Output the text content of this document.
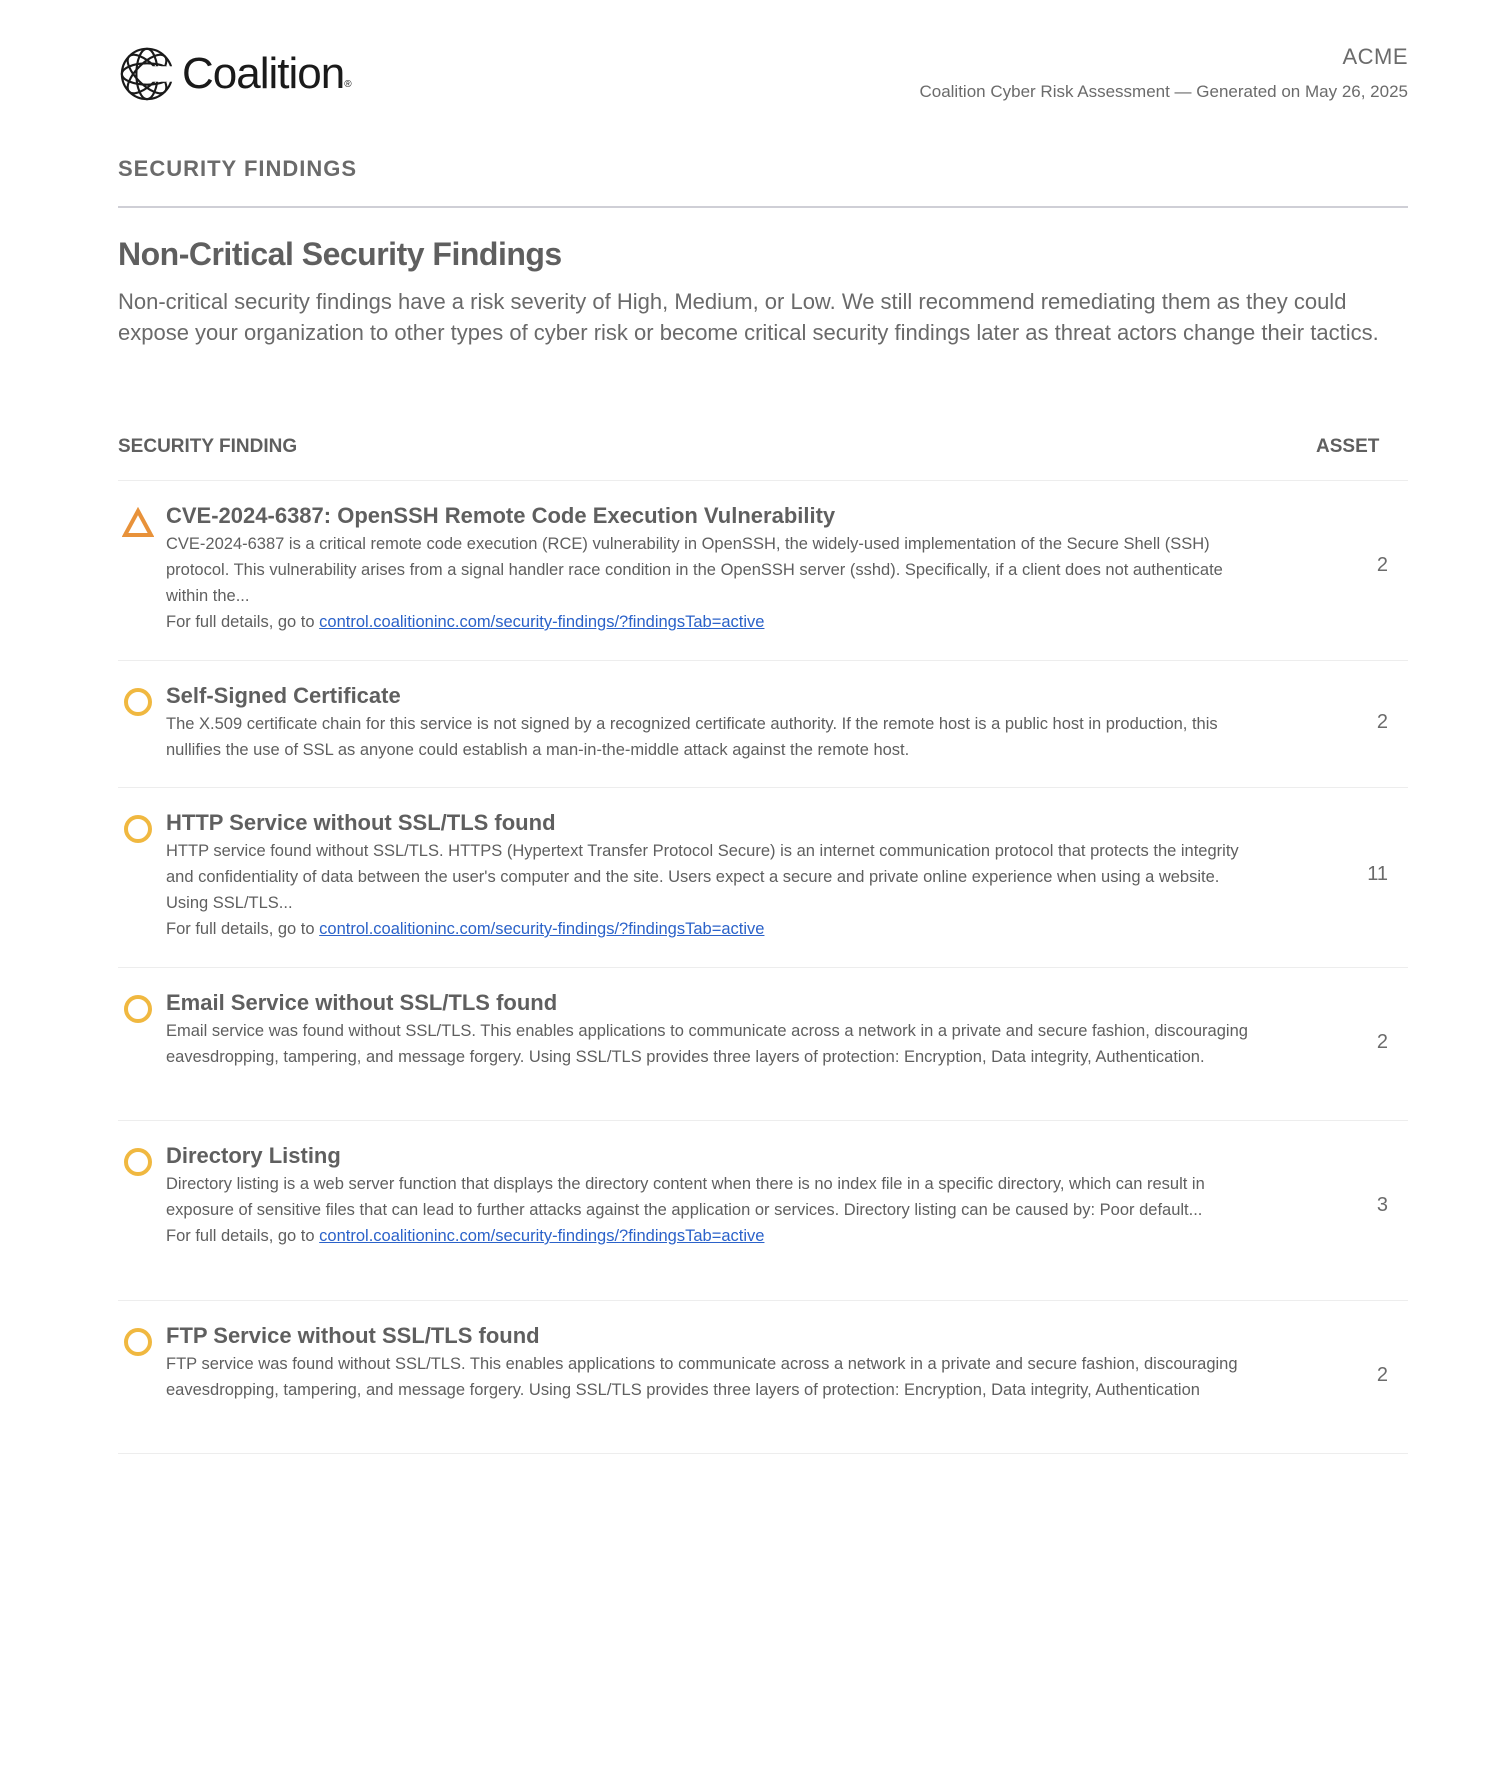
Coalition ®
ACME
Coalition Cyber Risk Assessment — Generated on May 26, 2025
SECURITY FINDINGS
Non-Critical Security Findings

Non-critical security findings have a risk severity of High, Medium, or Low. We still recommend remediating them as they could expose your organization to other types of cyber risk or become critical security findings later as threat actors change their tactics.

SECURITY FINDING	ASSET
CVE-2024-6387: OpenSSH Remote Code Execution Vulnerability
CVE-2024-6387 is a critical remote code execution (RCE) vulnerability in OpenSSH, the widely-used implementation of the Secure Shell (SSH) protocol. This vulnerability arises from a signal handler race condition in the OpenSSH server (sshd). Specifically, if a client does not authenticate within the...
For full details, go to control.coalitioninc.com/security-findings/?findingsTab=active
2
Self-Signed Certificate
The X.509 certificate chain for this service is not signed by a recognized certificate authority. If the remote host is a public host in production, this nullifies the use of SSL as anyone could establish a man-in-the-middle attack against the remote host.
2
HTTP Service without SSL/TLS found
HTTP service found without SSL/TLS. HTTPS (Hypertext Transfer Protocol Secure) is an internet communication protocol that protects the integrity and confidentiality of data between the user's computer and the site. Users expect a secure and private online experience when using a website. Using SSL/TLS...
For full details, go to control.coalitioninc.com/security-findings/?findingsTab=active
11
Email Service without SSL/TLS found
Email service was found without SSL/TLS. This enables applications to communicate across a network in a private and secure fashion, discouraging eavesdropping, tampering, and message forgery. Using SSL/TLS provides three layers of protection: Encryption, Data integrity, Authentication.
2
Directory Listing
Directory listing is a web server function that displays the directory content when there is no index file in a specific directory, which can result in exposure of sensitive files that can lead to further attacks against the application or services. Directory listing can be caused by: Poor default...
For full details, go to control.coalitioninc.com/security-findings/?findingsTab=active
3
FTP Service without SSL/TLS found
FTP service was found without SSL/TLS. This enables applications to communicate across a network in a private and secure fashion, discouraging eavesdropping, tampering, and message forgery. Using SSL/TLS provides three layers of protection: Encryption, Data integrity, Authentication
2
